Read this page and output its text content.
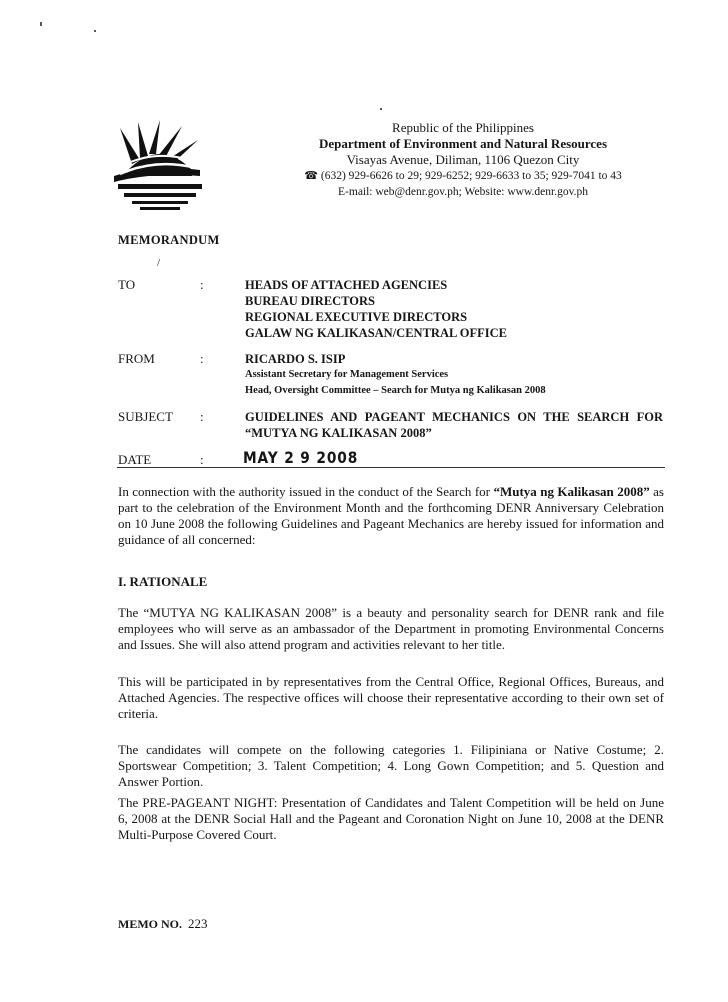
Republic of the Philippines
Department of Environment and Natural Resources
Visayas Avenue, Diliman, 1106 Quezon City
☎ (632) 929-6626 to 29; 929-6252; 929-6633 to 35; 929-7041 to 43
E-mail: web@denr.gov.ph; Website: www.denr.gov.ph
MEMORANDUM
/
TO	:	HEADS OF ATTACHED AGENCIES
BUREAU DIRECTORS
REGIONAL EXECUTIVE DIRECTORS
GALAW NG KALIKASAN/CENTRAL OFFICE
FROM	:	RICARDO S. ISIP
Assistant Secretary for Management Services
Head, Oversight Committee – Search for Mutya ng Kalikasan 2008
SUBJECT :	GUIDELINES AND PAGEANT MECHANICS ON THE SEARCH FOR “MUTYA NG KALIKASAN 2008”
DATE	: MAY 2 9 2008

In connection with the authority issued in the conduct of the Search for “Mutya ng Kalikasan 2008” as part to the celebration of the Environment Month and the forthcoming DENR Anniversary Celebration on 10 June 2008 the following Guidelines and Pageant Mechanics are hereby issued for information and guidance of all concerned:

I. RATIONALE

The “MUTYA NG KALIKASAN 2008” is a beauty and personality search for DENR rank and file employees who will serve as an ambassador of the Department in promoting Environmental Concerns and Issues. She will also attend program and activities relevant to her title.

This will be participated in by representatives from the Central Office, Regional Offices, Bureaus, and Attached Agencies. The respective offices will choose their representative according to their own set of criteria.

The candidates will compete on the following categories 1. Filipiniana or Native Costume; 2. Sportswear Competition; 3. Talent Competition; 4. Long Gown Competition; and 5. Question and Answer Portion.

The PRE-PAGEANT NIGHT: Presentation of Candidates and Talent Competition will be held on June 6, 2008 at the DENR Social Hall and the Pageant and Coronation Night on June 10, 2008 at the DENR Multi-Purpose Covered Court.

MEMO NO. 223
